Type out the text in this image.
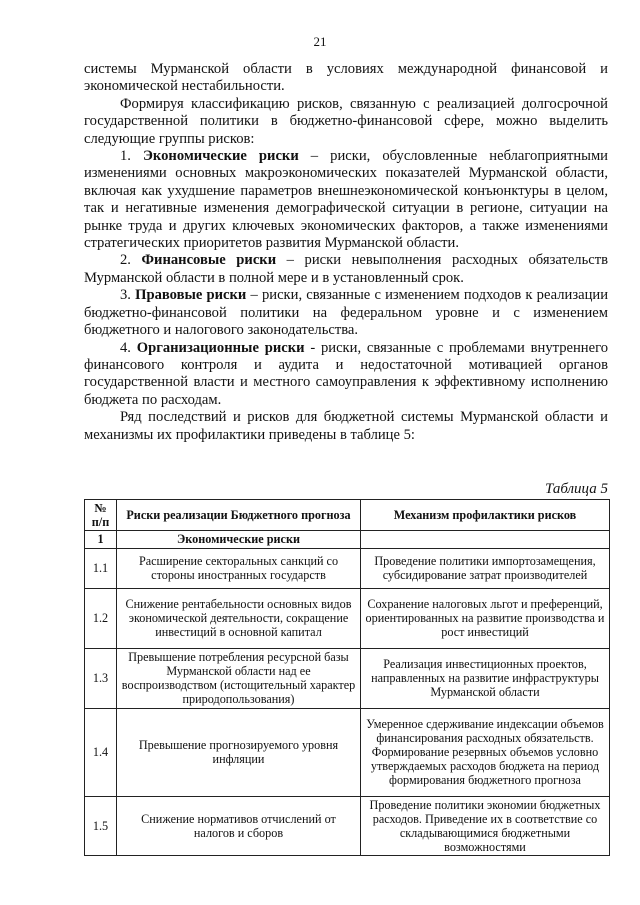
21

системы Мурманской области в условиях международной финансовой и экономической нестабильности.

Формируя классификацию рисков, связанную с реализацией долгосрочной государственной политики в бюджетно-финансовой сфере, можно выделить следующие группы рисков:

1. Экономические риски – риски, обусловленные неблагоприятными изменениями основных макроэкономических показателей Мурманской области, включая как ухудшение параметров внешнеэкономической конъюнктуры в целом, так и негативные изменения демографической ситуации в регионе, ситуации на рынке труда и других ключевых экономических факторов, а также изменениями стратегических приоритетов развития Мурманской области.

2. Финансовые риски – риски невыполнения расходных обязательств Мурманской области в полной мере и в установленный срок.

3. Правовые риски – риски, связанные с изменением подходов к реализации бюджетно-финансовой политики на федеральном уровне и с изменением бюджетного и налогового законодательства.

4. Организационные риски - риски, связанные с проблемами внутреннего финансового контроля и аудита и недостаточной мотивацией органов государственной власти и местного самоуправления к эффективному исполнению бюджета по расходам.

Ряд последствий и рисков для бюджетной системы Мурманской области и механизмы их профилактики приведены в таблице 5:

Таблица 5
№ п/п	Риски реализации Бюджетного прогноза	Механизм профилактики рисков
1	Экономические риски	
1.1	Расширение секторальных санкций со стороны иностранных государств	Проведение политики импортозамещения, субсидирование затрат производителей
1.2	Снижение рентабельности основных видов экономической деятельности, сокращение инвестиций в основной капитал	Сохранение налоговых льгот и преференций, ориентированных на развитие производства и рост инвестиций
1.3	Превышение потребления ресурсной базы Мурманской области над ее воспроизводством (истощительный характер природопользования)	Реализация инвестиционных проектов, направленных на развитие инфраструктуры Мурманской области
1.4	Превышение прогнозируемого уровня инфляции	Умеренное сдерживание индексации объемов финансирования расходных обязательств. Формирование резервных объемов условно утверждаемых расходов бюджета на период формирования бюджетного прогноза
1.5	Снижение нормативов отчислений от налогов и сборов	Проведение политики экономии бюджетных расходов. Приведение их в соответствие со складывающимися бюджетными возможностями
